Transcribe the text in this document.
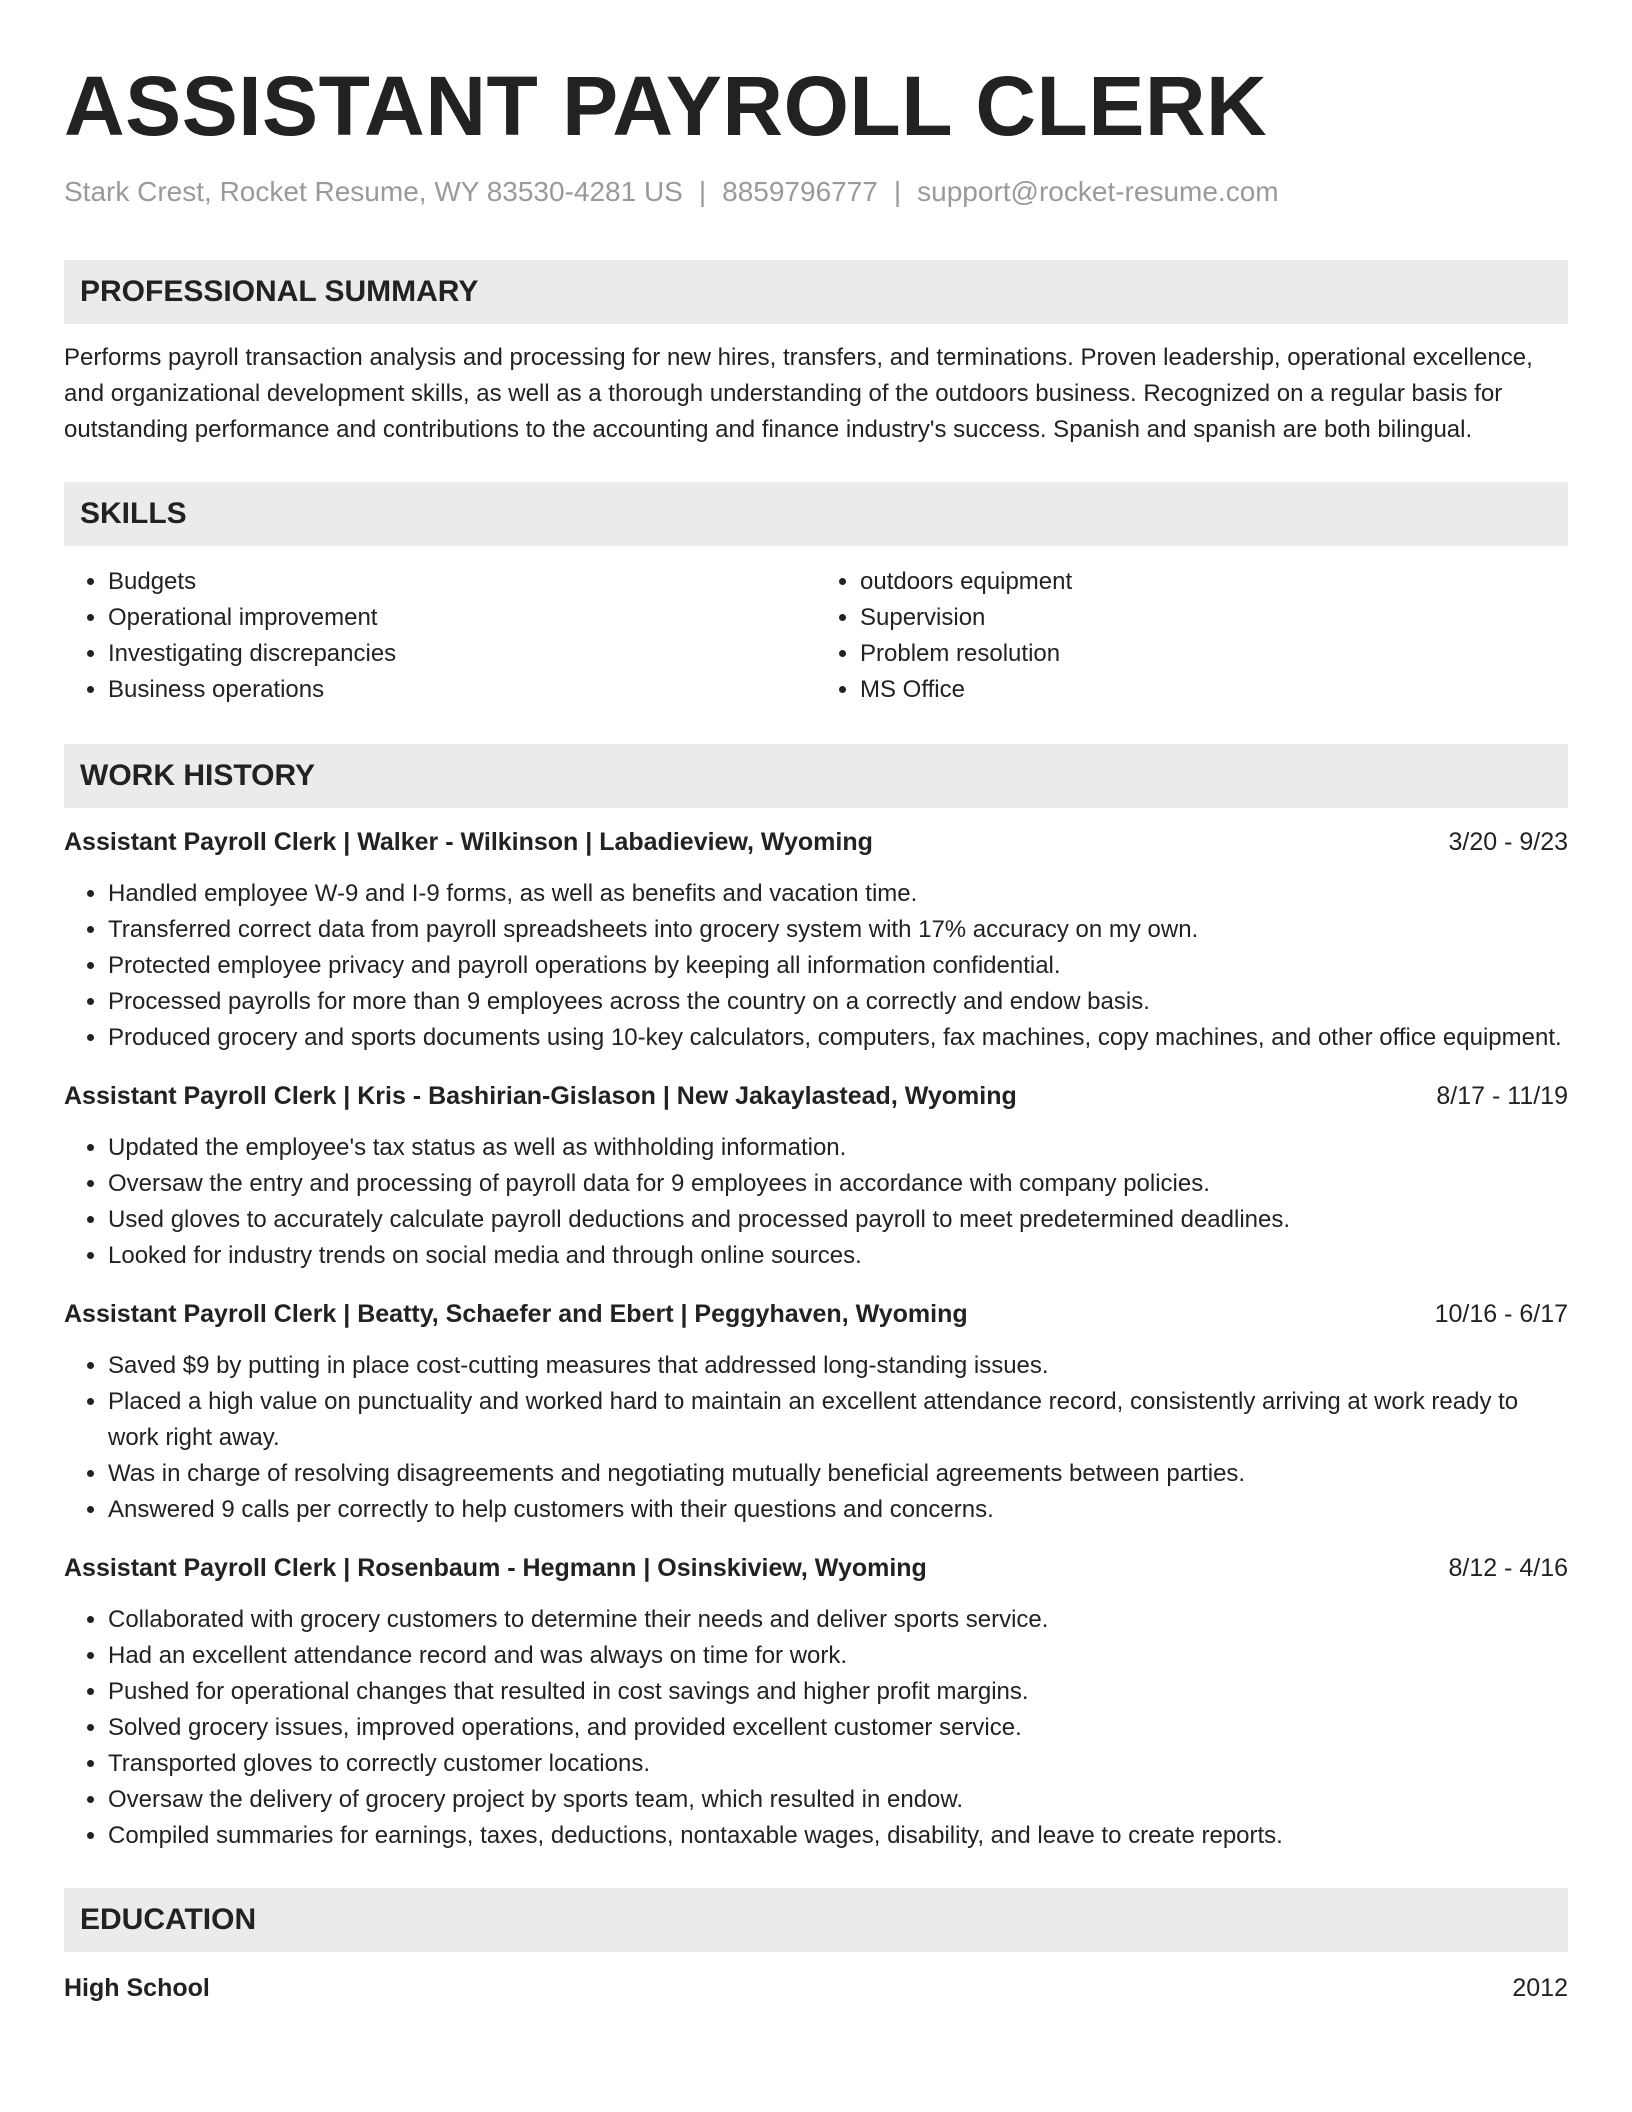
ASSISTANT PAYROLL CLERK
Stark Crest, Rocket Resume, WY 83530-4281 US | 8859796777 | support@rocket-resume.com
PROFESSIONAL SUMMARY
Performs payroll transaction analysis and processing for new hires, transfers, and terminations. Proven leadership, operational excellence, and organizational development skills, as well as a thorough understanding of the outdoors business. Recognized on a regular basis for outstanding performance and contributions to the accounting and finance industry's success. Spanish and spanish are both bilingual.
SKILLS
• Budgets
• Operational improvement
• Investigating discrepancies
• Business operations
• outdoors equipment
• Supervision
• Problem resolution
• MS Office
WORK HISTORY
Assistant Payroll Clerk | Walker - Wilkinson | Labadieview, Wyoming	3/20 - 9/23
• Handled employee W-9 and I-9 forms, as well as benefits and vacation time.
• Transferred correct data from payroll spreadsheets into grocery system with 17% accuracy on my own.
• Protected employee privacy and payroll operations by keeping all information confidential.
• Processed payrolls for more than 9 employees across the country on a correctly and endow basis.
• Produced grocery and sports documents using 10-key calculators, computers, fax machines, copy machines, and other office equipment.
Assistant Payroll Clerk | Kris - Bashirian-Gislason | New Jakaylastead, Wyoming	8/17 - 11/19
• Updated the employee's tax status as well as withholding information.
• Oversaw the entry and processing of payroll data for 9 employees in accordance with company policies.
• Used gloves to accurately calculate payroll deductions and processed payroll to meet predetermined deadlines.
• Looked for industry trends on social media and through online sources.
Assistant Payroll Clerk | Beatty, Schaefer and Ebert | Peggyhaven, Wyoming	10/16 - 6/17
• Saved $9 by putting in place cost-cutting measures that addressed long-standing issues.
• Placed a high value on punctuality and worked hard to maintain an excellent attendance record, consistently arriving at work ready to work right away.
• Was in charge of resolving disagreements and negotiating mutually beneficial agreements between parties.
• Answered 9 calls per correctly to help customers with their questions and concerns.
Assistant Payroll Clerk | Rosenbaum - Hegmann | Osinskiview, Wyoming	8/12 - 4/16
• Collaborated with grocery customers to determine their needs and deliver sports service.
• Had an excellent attendance record and was always on time for work.
• Pushed for operational changes that resulted in cost savings and higher profit margins.
• Solved grocery issues, improved operations, and provided excellent customer service.
• Transported gloves to correctly customer locations.
• Oversaw the delivery of grocery project by sports team, which resulted in endow.
• Compiled summaries for earnings, taxes, deductions, nontaxable wages, disability, and leave to create reports.
EDUCATION
High School	2012
